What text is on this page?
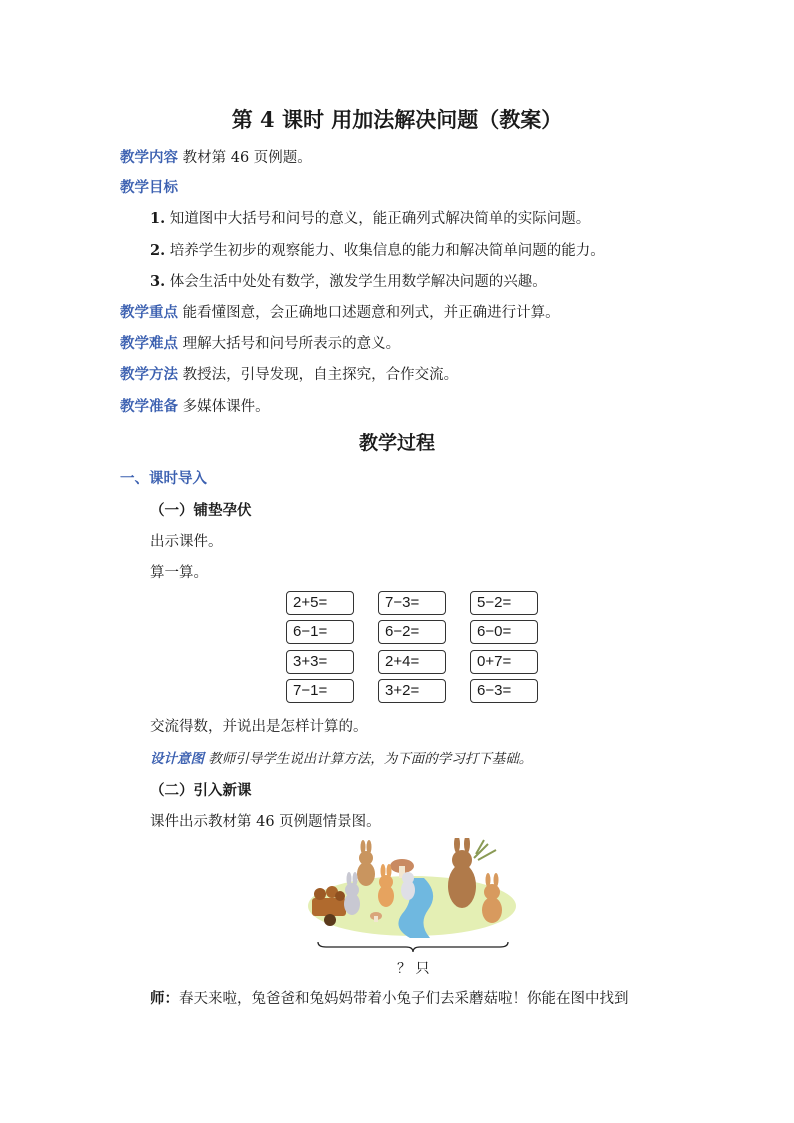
第 4 课时 用加法解决问题（教案）
教学内容 教材第 46 页例题。
教学目标
1. 知道图中大括号和问号的意义，能正确列式解决简单的实际问题。
2. 培养学生初步的观察能力、收集信息的能力和解决简单问题的能力。
3. 体会生活中处处有数学，激发学生用数学解决问题的兴趣。
教学重点 能看懂图意，会正确地口述题意和列式，并正确进行计算。
教学难点 理解大括号和问号所表示的意义。
教学方法 教授法，引导发现，自主探究，合作交流。
教学准备 多媒体课件。
教学过程
一、课时导入
（一）铺垫孕伏
出示课件。
算一算。
2+5=	7−3=	5−2=
6−1=	6−2=	6−0=
3+3=	2+4=	0+7=
7−1=	3+2=	6−3=
交流得数，并说出是怎样计算的。
设计意图 教师引导学生说出计算方法，为下面的学习打下基础。
（二）引入新课
课件出示教材第 46 页例题情景图。
？ 只
师：春天来啦，兔爸爸和兔妈妈带着小兔子们去采蘑菇啦！你能在图中找到
